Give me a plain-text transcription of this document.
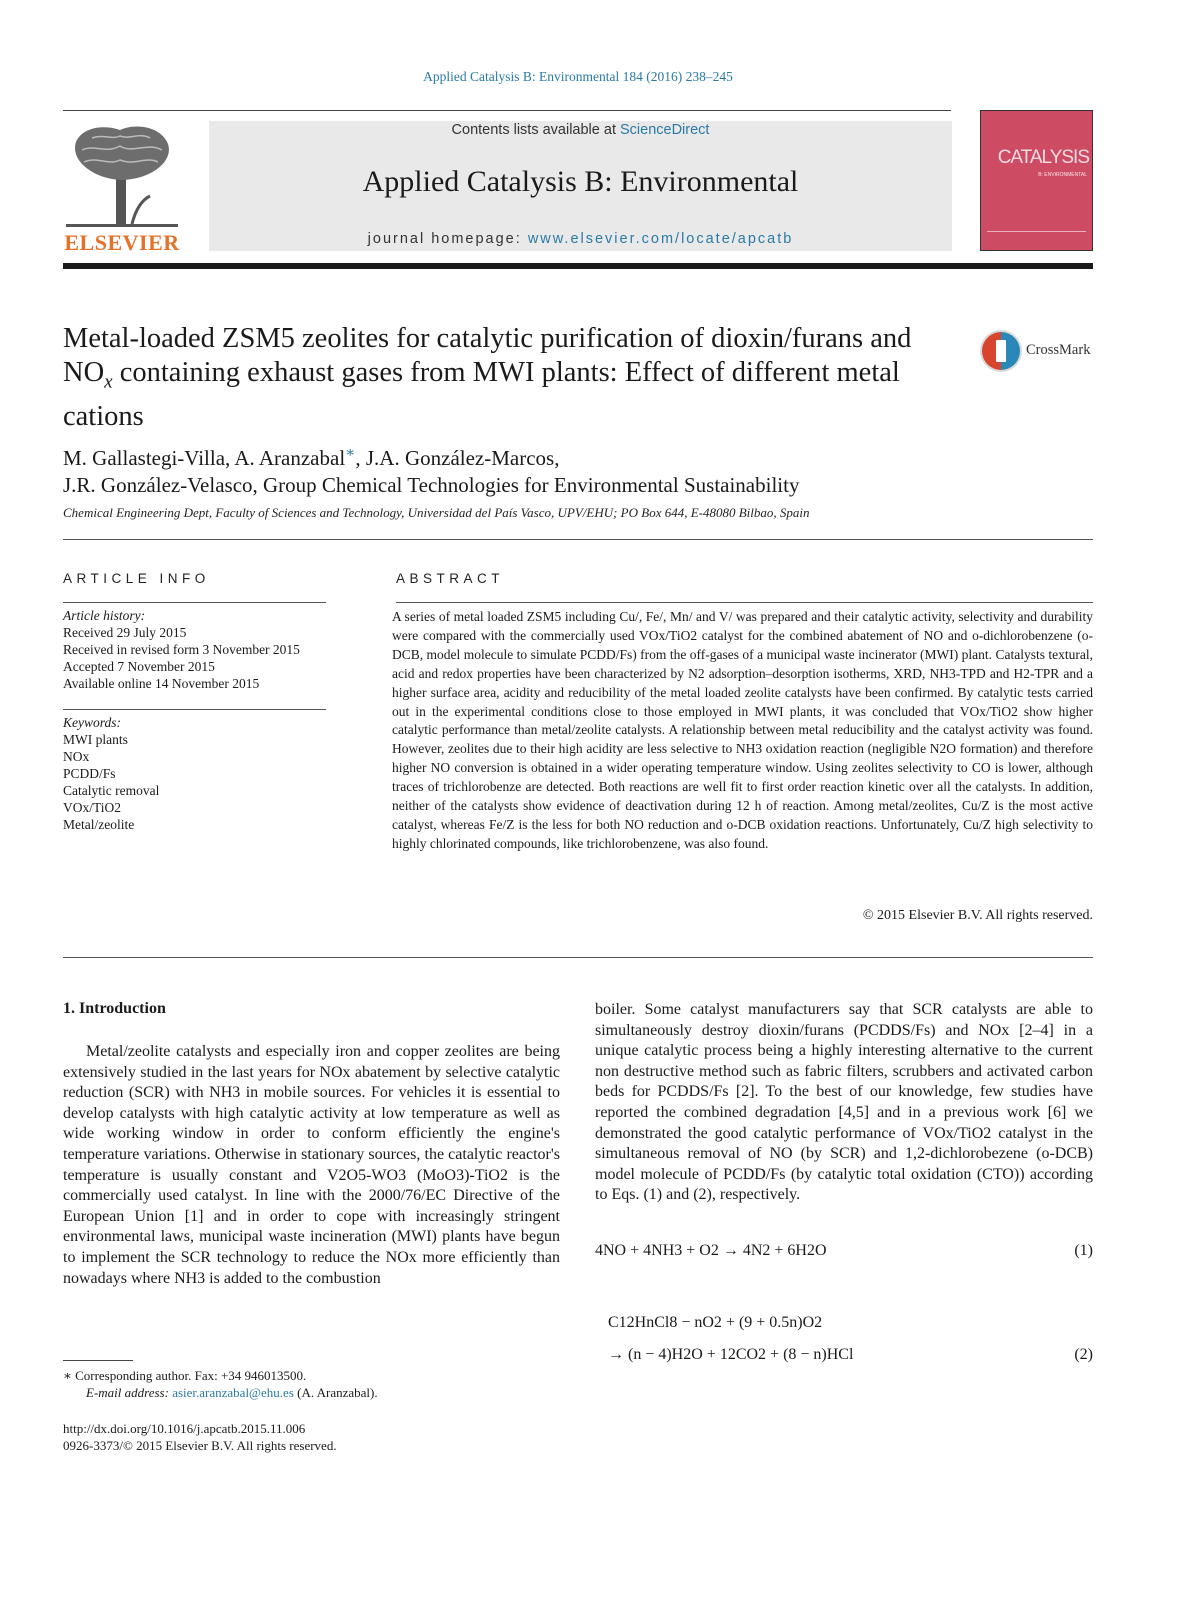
Applied Catalysis B: Environmental 184 (2016) 238–245
ELSEVIER
Contents lists available at ScienceDirect
Applied Catalysis B: Environmental
journal homepage: www.elsevier.com/locate/apcatb
CATALYSIS
B: ENVIRONMENTAL
Metal-loaded ZSM5 zeolites for catalytic purification of dioxin/furans and $NO_x$ containing exhaust gases from MWI plants: Effect of different metal cations
CrossMark
M. Gallastegi-Villa, A. Aranzabal∗, J.A. González-Marcos,
J.R. González-Velasco, Group Chemical Technologies for Environmental Sustainability
Chemical Engineering Dept, Faculty of Sciences and Technology, Universidad del País Vasco, UPV/EHU; PO Box 644, E-48080 Bilbao, Spain
ARTICLE INFO	ABSTRACT
Article history:
Received 29 July 2015
Received in revised form 3 November 2015
Accepted 7 November 2015
Available online 14 November 2015
Keywords:
MWI plants
NOx
PCDD/Fs
Catalytic removal
VOx/TiO2
Metal/zeolite
A series of metal loaded ZSM5 including Cu/, Fe/, Mn/ and V/ was prepared and their catalytic activity, selectivity and durability were compared with the commercially used VOx/TiO2 catalyst for the combined abatement of NO and o-dichlorobenzene (o-DCB, model molecule to simulate PCDD/Fs) from the off-gases of a municipal waste incinerator (MWI) plant. Catalysts textural, acid and redox properties have been characterized by N2 adsorption–desorption isotherms, XRD, NH3-TPD and H2-TPR and a higher surface area, acidity and reducibility of the metal loaded zeolite catalysts have been confirmed. By catalytic tests carried out in the experimental conditions close to those employed in MWI plants, it was concluded that VOx/TiO2 show higher catalytic performance than metal/zeolite catalysts. A relationship between metal reducibility and the catalyst activity was found. However, zeolites due to their high acidity are less selective to NH3 oxidation reaction (negligible N2O formation) and therefore higher NO conversion is obtained in a wider operating temperature window. Using zeolites selectivity to CO is lower, although traces of trichlorobenze are detected. Both reactions are well fit to first order reaction kinetic over all the catalysts. In addition, neither of the catalysts show evidence of deactivation during 12 h of reaction. Among metal/zeolites, Cu/Z is the most active catalyst, whereas Fe/Z is the less for both NO reduction and o-DCB oxidation reactions. Unfortunately, Cu/Z high selectivity to highly chlorinated compounds, like trichlorobenzene, was also found.
© 2015 Elsevier B.V. All rights reserved.
1. Introduction
Metal/zeolite catalysts and especially iron and copper zeolites are being extensively studied in the last years for NOx abatement by selective catalytic reduction (SCR) with NH3 in mobile sources. For vehicles it is essential to develop catalysts with high catalytic activity at low temperature as well as wide working window in order to conform efficiently the engine's temperature variations. Otherwise in stationary sources, the catalytic reactor's temperature is usually constant and V2O5-WO3 (MoO3)-TiO2 is the commercially used catalyst. In line with the 2000/76/EC Directive of the European Union [1] and in order to cope with increasingly stringent environmental laws, municipal waste incineration (MWI) plants have begun to implement the SCR technology to reduce the NOx more efficiently than nowadays where NH3 is added to the combustion
boiler. Some catalyst manufacturers say that SCR catalysts are able to simultaneously destroy dioxin/furans (PCDDS/Fs) and NOx [2–4] in a unique catalytic process being a highly interesting alternative to the current non destructive method such as fabric filters, scrubbers and activated carbon beds for PCDDS/Fs [2]. To the best of our knowledge, few studies have reported the combined degradation [4,5] and in a previous work [6] we demonstrated the good catalytic performance of VOx/TiO2 catalyst in the simultaneous removal of NO (by SCR) and 1,2-dichlorobezene (o-DCB) model molecule of PCDD/Fs (by catalytic total oxidation (CTO)) according to Eqs. (1) and (2), respectively.
4NO + 4NH3 + O2 → 4N2 + 6H2O	(1)
C12HnCl8 − nO2 + (9 + 0.5n)O2
→ (n − 4)H2O + 12CO2 + (8 − n)HCl	(2)
∗ Corresponding author. Fax: +34 946013500.
E-mail address: asier.aranzabal@ehu.es (A. Aranzabal).
http://dx.doi.org/10.1016/j.apcatb.2015.11.006
0926-3373/© 2015 Elsevier B.V. All rights reserved.
